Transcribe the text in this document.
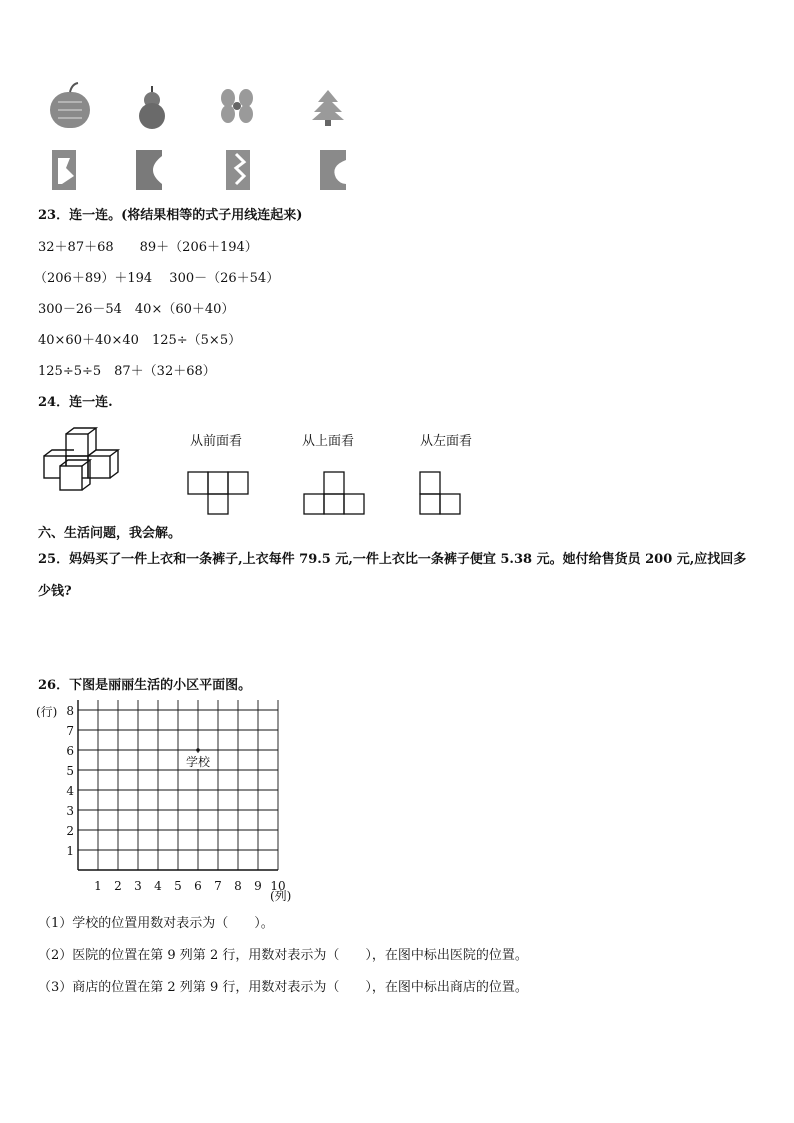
23．连一连。(将结果相等的式子用线连起来)
32＋87＋68　　89＋（206＋194）
（206＋89）＋194　 300－（26＋54）
300－26－54　40×（60＋40）
40×60＋40×40　125÷（5×5）
125÷5÷5　87＋（32＋68）
24．连一连.
从前面看	从上面看	从左面看
六、生活问题，我会解。
25．妈妈买了一件上衣和一条裤子,上衣每件 79.5 元,一件上衣比一条裤子便宜 5.38 元。她付给售货员 200 元,应找回多
少钱?
26．下图是丽丽生活的小区平面图。
1 2 3 4 5 6 7 8 9 10
1
2
3
4
5
6
7
8
学校
(行)
(列)
（1）学校的位置用数对表示为（　　）。
（2）医院的位置在第 9 列第 2 行，用数对表示为（　　），在图中标出医院的位置。
（3）商店的位置在第 2 列第 9 行，用数对表示为（　　），在图中标出商店的位置。
